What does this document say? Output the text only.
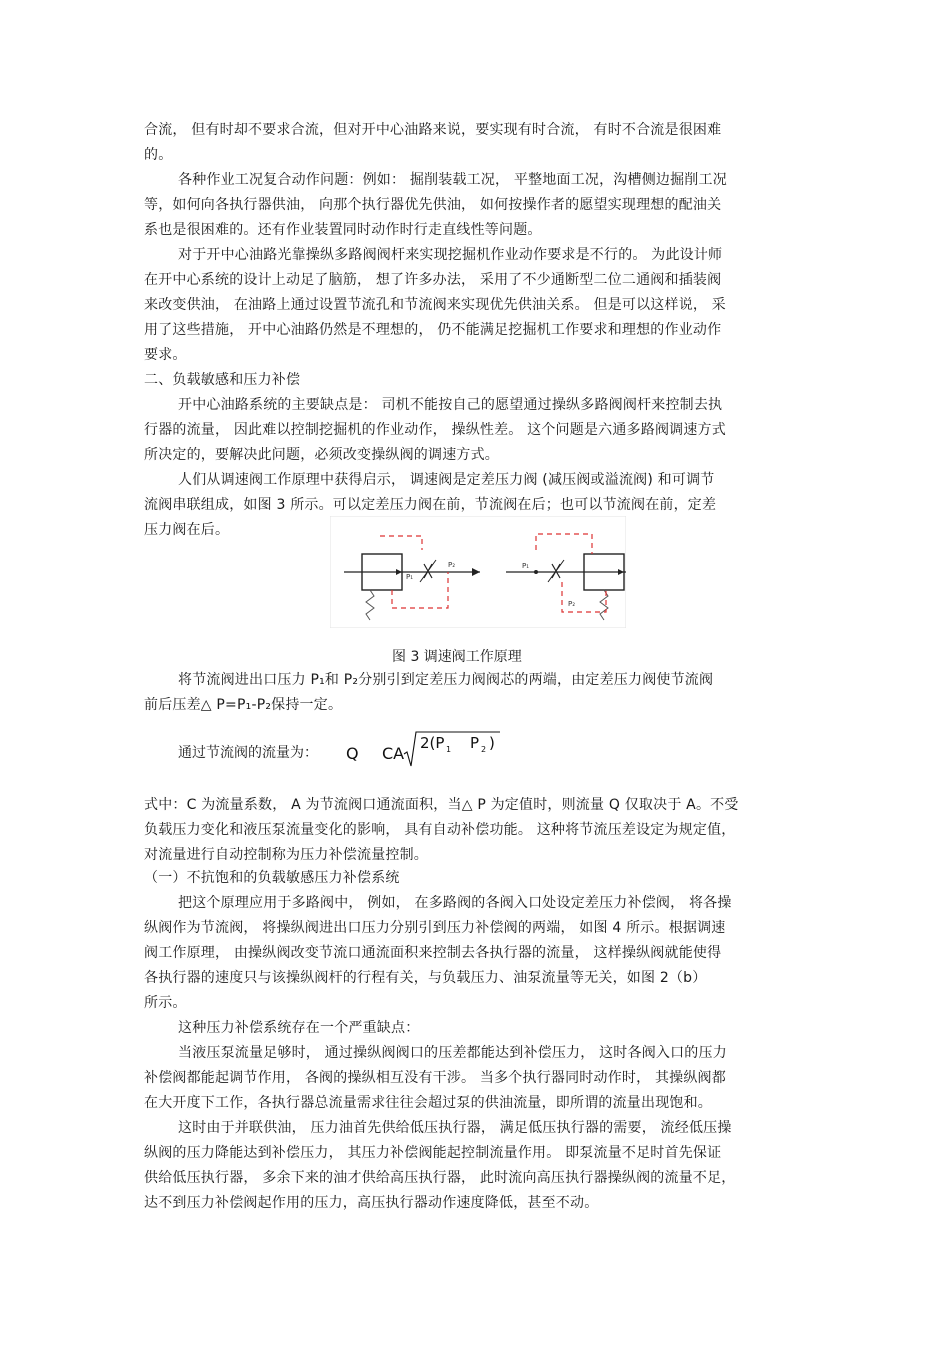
合流， 但有时却不要求合流，但对开中心油路来说，要实现有时合流， 有时不合流是很困难
的。
各种作业工况复合动作问题：例如： 掘削装载工况， 平整地面工况，沟槽侧边掘削工况
等，如何向各执行器供油， 向那个执行器优先供油， 如何按操作者的愿望实现理想的配油关
系也是很困难的。还有作业装置同时动作时行走直线性等问题。
对于开中心油路光靠操纵多路阀阀杆来实现挖掘机作业动作要求是不行的。 为此设计师
在开中心系统的设计上动足了脑筋， 想了许多办法， 采用了不少通断型二位二通阀和插装阀
来改变供油， 在油路上通过设置节流孔和节流阀来实现优先供油关系。 但是可以这样说， 采
用了这些措施， 开中心油路仍然是不理想的， 仍不能满足挖掘机工作要求和理想的作业动作
要求。
二、负载敏感和压力补偿
开中心油路系统的主要缺点是： 司机不能按自己的愿望通过操纵多路阀阀杆来控制去执
行器的流量， 因此难以控制挖掘机的作业动作， 操纵性差。 这个问题是六通多路阀调速方式
所决定的，要解决此问题，必须改变操纵阀的调速方式。
人们从调速阀工作原理中获得启示， 调速阀是定差压力阀 (减压阀或溢流阀) 和可调节
流阀串联组成，如图 3 所示。可以定差压力阀在前，节流阀在后；也可以节流阀在前，定差
压力阀在后。
P₁
P₂	P₁
P₂
图 3 调速阀工作原理
将节流阀进出口压力 P₁和 P₂分别引到定差压力阀阀芯的两端，由定差压力阀使节流阀
前后压差△ P=P₁-P₂保持一定。
通过节流阀的流量为： Q CA
2(P 1 P 2 )
式中：C 为流量系数， A 为节流阀口通流面积，当△ P 为定值时，则流量 Q 仅取决于 A。不受
负载压力变化和液压泵流量变化的影响， 具有自动补偿功能。 这种将节流压差设定为规定值，
对流量进行自动控制称为压力补偿流量控制。
（一）不抗饱和的负载敏感压力补偿系统
把这个原理应用于多路阀中， 例如， 在多路阀的各阀入口处设定差压力补偿阀， 将各操
纵阀作为节流阀， 将操纵阀进出口压力分别引到压力补偿阀的两端， 如图 4 所示。根据调速
阀工作原理， 由操纵阀改变节流口通流面积来控制去各执行器的流量， 这样操纵阀就能使得
各执行器的速度只与该操纵阀杆的行程有关，与负载压力、油泵流量等无关，如图 2（b）
所示。
这种压力补偿系统存在一个严重缺点：
当液压泵流量足够时， 通过操纵阀阀口的压差都能达到补偿压力， 这时各阀入口的压力
补偿阀都能起调节作用， 各阀的操纵相互没有干涉。 当多个执行器同时动作时， 其操纵阀都
在大开度下工作，各执行器总流量需求往往会超过泵的供油流量，即所谓的流量出现饱和。
这时由于并联供油， 压力油首先供给低压执行器， 满足低压执行器的需要， 流经低压操
纵阀的压力降能达到补偿压力， 其压力补偿阀能起控制流量作用。 即泵流量不足时首先保证
供给低压执行器， 多余下来的油才供给高压执行器， 此时流向高压执行器操纵阀的流量不足，
达不到压力补偿阀起作用的压力，高压执行器动作速度降低，甚至不动。
